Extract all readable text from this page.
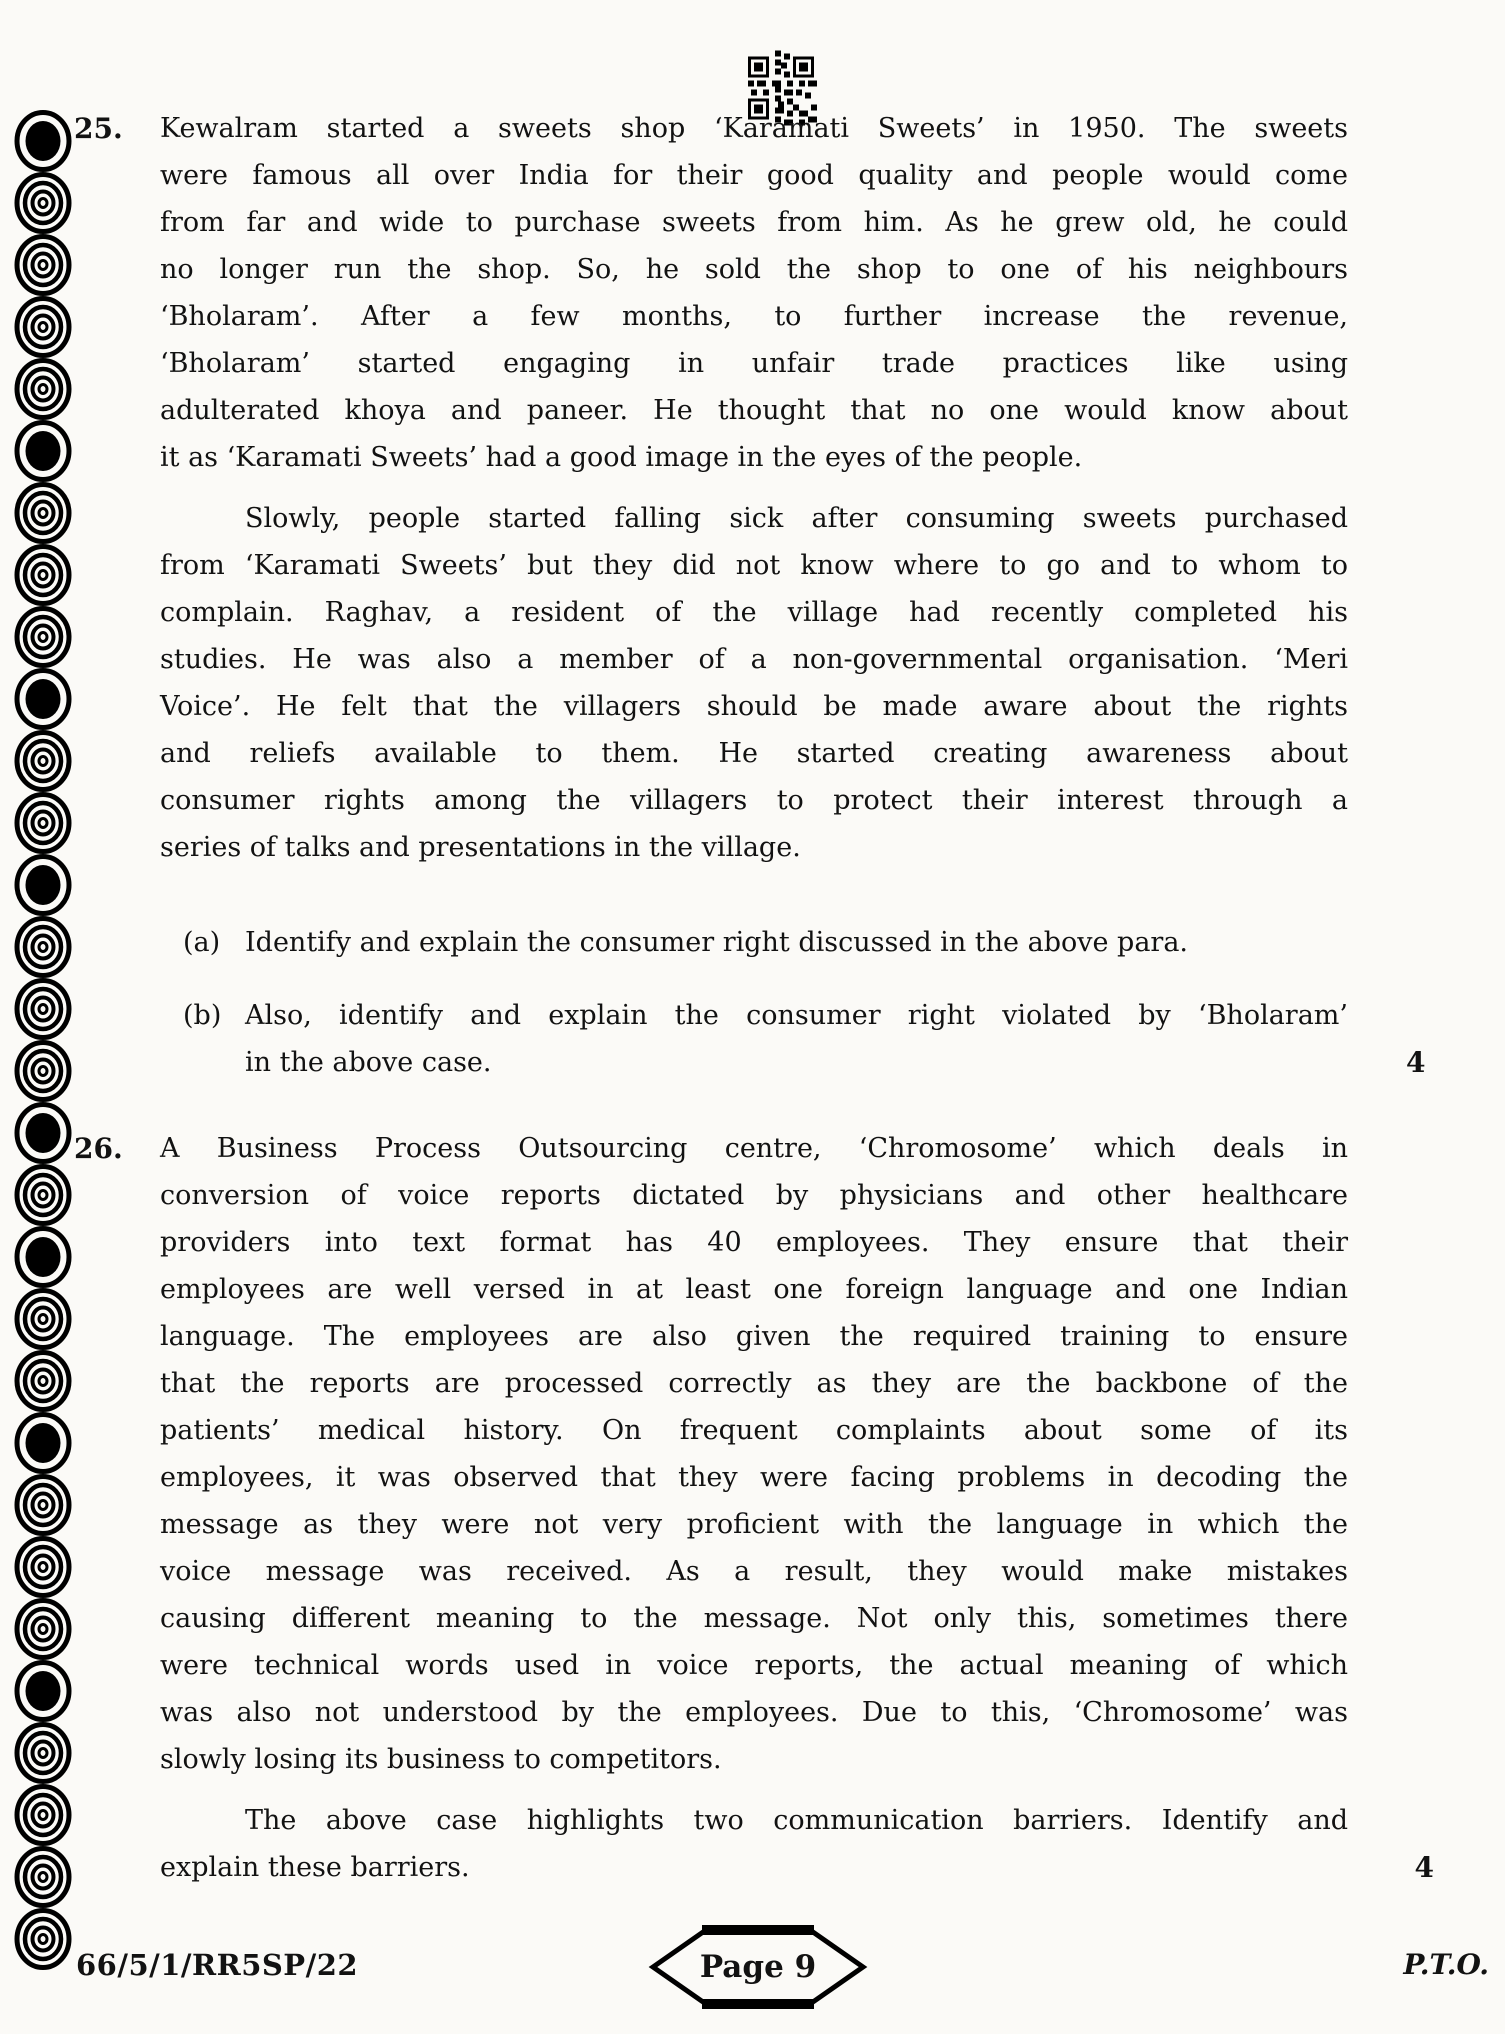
25. Kewalram started a sweets shop ‘Karamati Sweets’ in 1950. The sweets
were famous all over India for their good quality and people would come
from far and wide to purchase sweets from him. As he grew old, he could
no longer run the shop. So, he sold the shop to one of his neighbours
‘Bholaram’. After a few months, to further increase the revenue,
‘Bholaram’ started engaging in unfair trade practices like using
adulterated khoya and paneer. He thought that no one would know about
it as ‘Karamati Sweets’ had a good image in the eyes of the people.
Slowly, people started falling sick after consuming sweets purchased
from ‘Karamati Sweets’ but they did not know where to go and to whom to
complain. Raghav, a resident of the village had recently completed his
studies. He was also a member of a non-governmental organisation. ‘Meri
Voice’. He felt that the villagers should be made aware about the rights
and reliefs available to them. He started creating awareness about
consumer rights among the villagers to protect their interest through a
series of talks and presentations in the village.
(a) Identify and explain the consumer right discussed in the above para.
(b) Also, identify and explain the consumer right violated by ‘Bholaram’
in the above case.	4
26. A Business Process Outsourcing centre, ‘Chromosome’ which deals in
conversion of voice reports dictated by physicians and other healthcare
providers into text format has 40 employees. They ensure that their
employees are well versed in at least one foreign language and one Indian
language. The employees are also given the required training to ensure
that the reports are processed correctly as they are the backbone of the
patients’ medical history. On frequent complaints about some of its
employees, it was observed that they were facing problems in decoding the
message as they were not very proficient with the language in which the
voice message was received. As a result, they would make mistakes
causing different meaning to the message. Not only this, sometimes there
were technical words used in voice reports, the actual meaning of which
was also not understood by the employees. Due to this, ‘Chromosome’ was
slowly losing its business to competitors.
The above case highlights two communication barriers. Identify and
explain these barriers.	4
66/5/1/RR5SP/22	Page 9	P.T.O.
